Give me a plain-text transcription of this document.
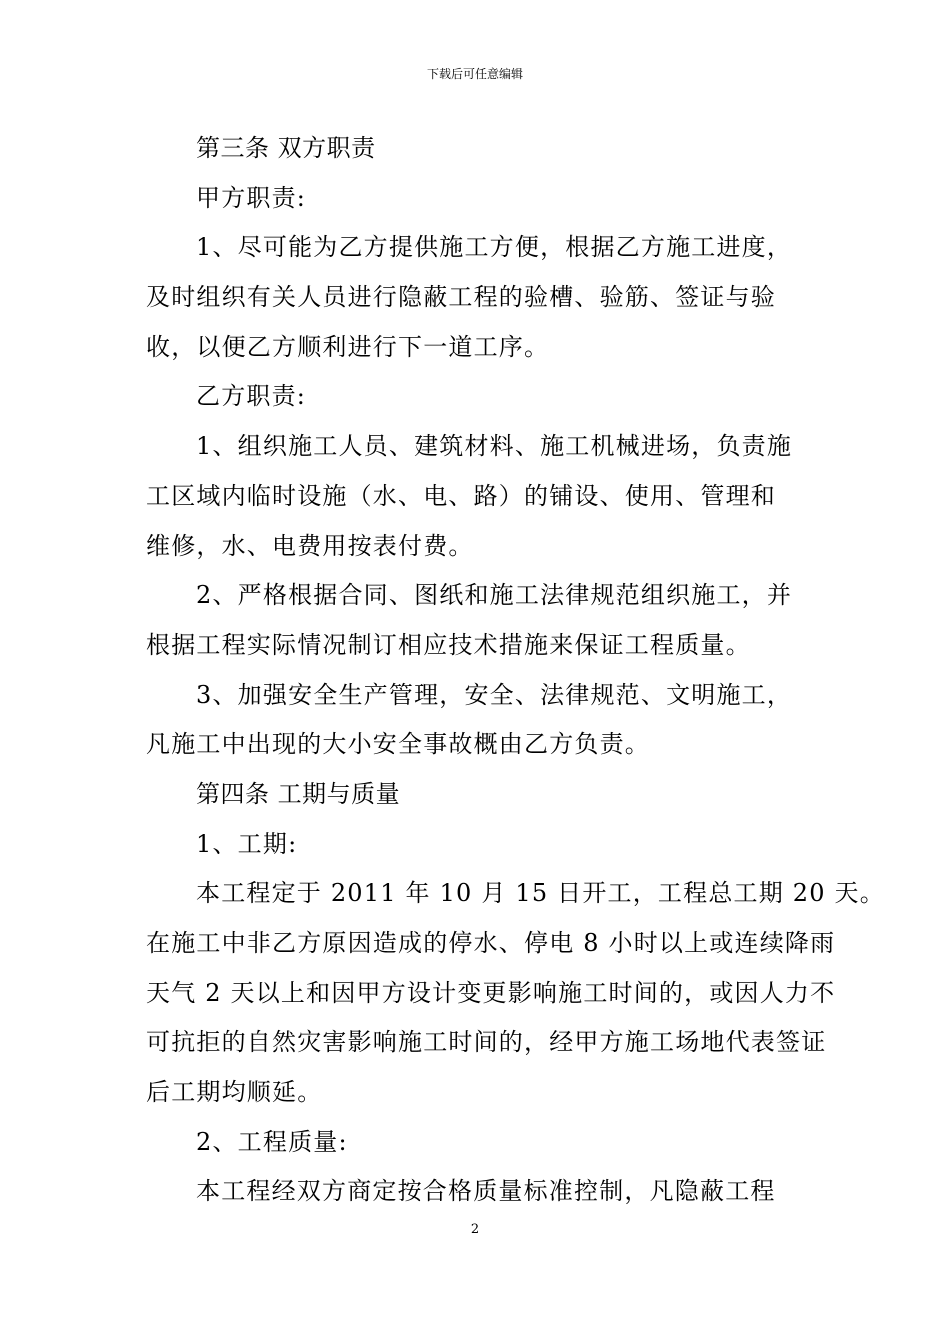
下载后可任意编辑
第三条 双方职责
甲方职责:
1、尽可能为乙方提供施工方便，根据乙方施工进度，
及时组织有关人员进行隐蔽工程的验槽、验筋、签证与验
收，以便乙方顺利进行下一道工序。
乙方职责:
1、组织施工人员、建筑材料、施工机械进场，负责施
工区域内临时设施（水、电、路）的铺设、使用、管理和
维修，水、电费用按表付费。
2、严格根据合同、图纸和施工法律规范组织施工，并
根据工程实际情况制订相应技术措施来保证工程质量。
3、加强安全生产管理，安全、法律规范、文明施工，
凡施工中出现的大小安全事故概由乙方负责。
第四条 工期与质量
1、工期:
本工程定于 2011 年 10 月 15 日开工，工程总工期 20 天。
在施工中非乙方原因造成的停水、停电 8 小时以上或连续降雨
天气 2 天以上和因甲方设计变更影响施工时间的，或因人力不
可抗拒的自然灾害影响施工时间的，经甲方施工场地代表签证
后工期均顺延。
2、工程质量:
本工程经双方商定按合格质量标准控制，凡隐蔽工程
2
